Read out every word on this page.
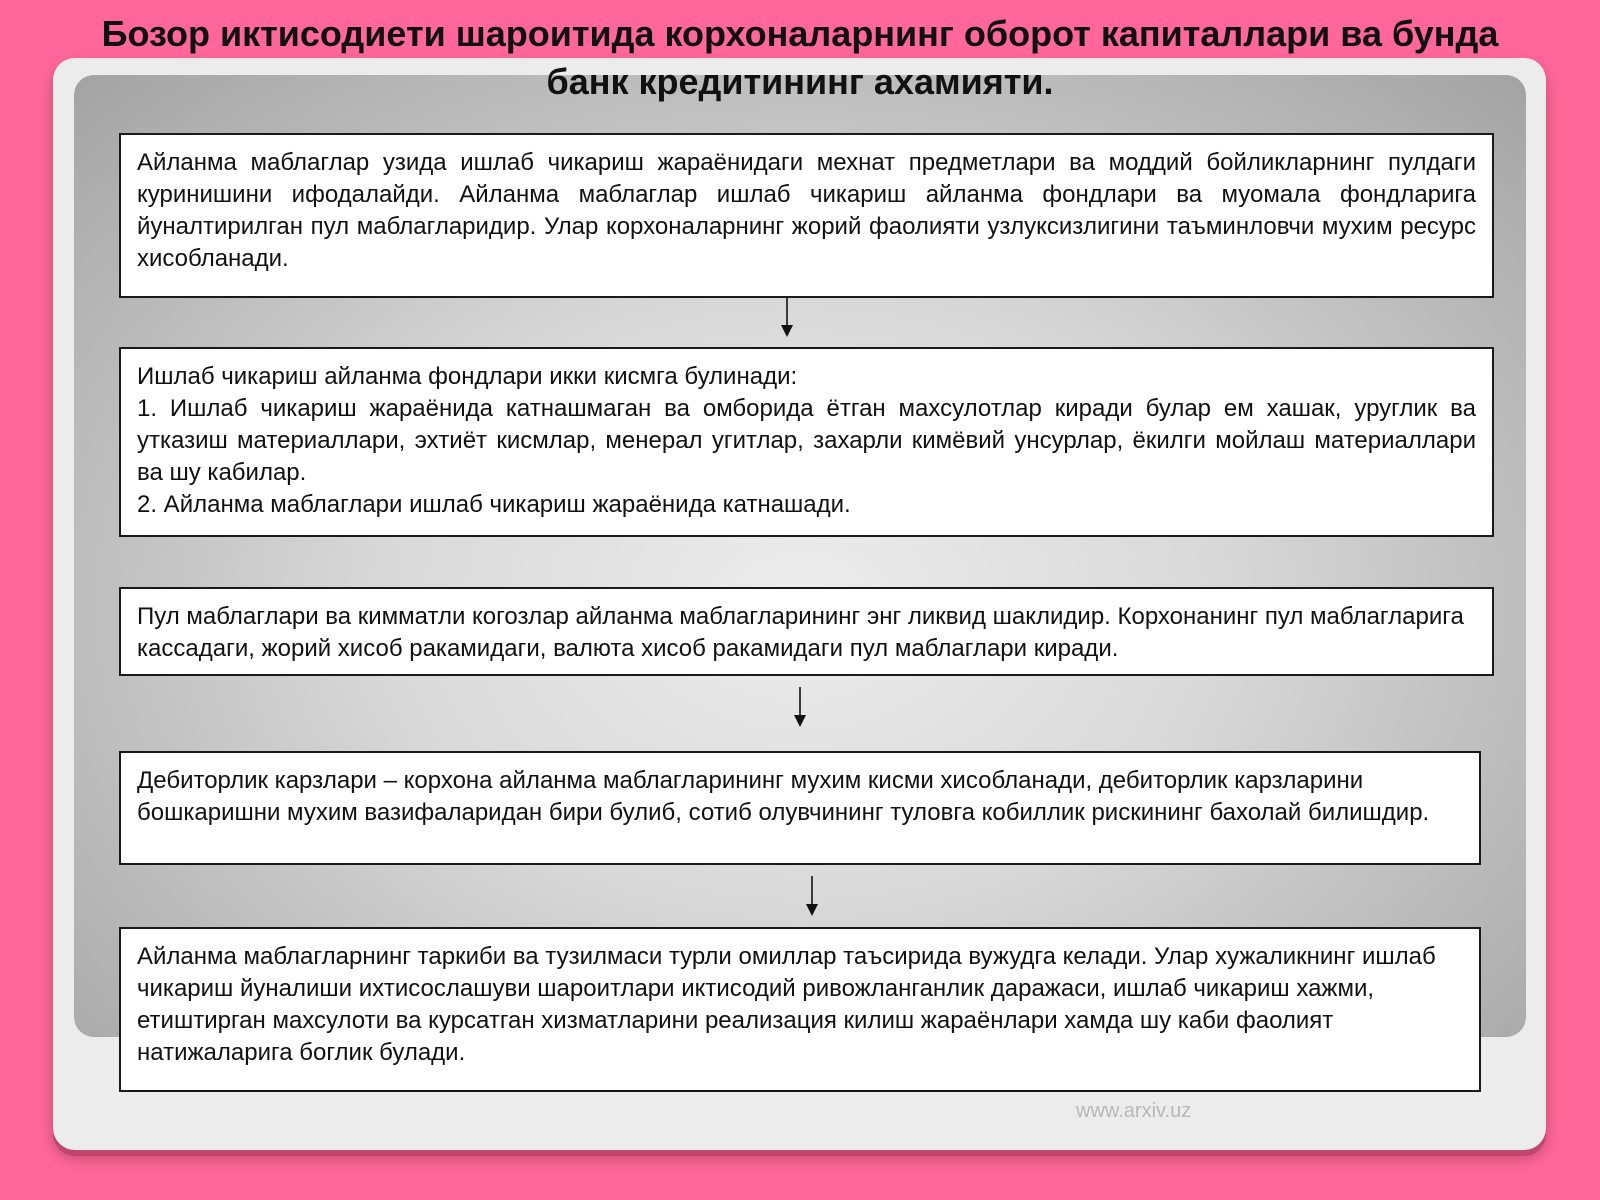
Бозор иктисодиети шароитида корхоналарнинг оборот капиталлари ва бунда банк кредитининг ахамияти.

Айланма маблаглар узида ишлаб чикариш жараёнидаги мехнат предметлари ва моддий бойликларнинг пулдаги куринишини ифодалайди. Айланма маблаглар ишлаб чикариш айланма фондлари ва муомала фондларига йуналтирилган пул маблагларидир. Улар корхоналарнинг жорий фаолияти узлуксизлигини таъминловчи мухим ресурс хисобланади.

Ишлаб чикариш айланма фондлари икки кисмга булинади:

1. Ишлаб чикариш жараёнида катнашмаган ва омборида ётган махсулотлар киради булар ем хашак, уруглик ва утказиш материаллари, эхтиёт кисмлар, менерал угитлар, захарли кимёвий унсурлар, ёкилги мойлаш материаллари ва шу кабилар.

2. Айланма маблаглари ишлаб чикариш жараёнида катнашади.

Пул маблаглари ва кимматли когозлар айланма маблагларининг энг ликвид шаклидир. Корхонанинг пул маблагларига кассадаги, жорий хисоб ракамидаги, валюта хисоб ракамидаги пул маблаглари киради.

Дебиторлик карзлари – корхона айланма маблагларининг мухим кисми хисобланади, дебиторлик карзларини бошкаришни мухим вазифаларидан бири булиб, сотиб олувчининг туловга кобиллик рискининг бахолай билишдир.

Айланма маблагларнинг таркиби ва тузилмаси турли омиллар таъсирида вужудга келади. Улар хужаликнинг ишлаб чикариш йуналиши ихтисослашуви шароитлари иктисодий ривожланганлик даражаси, ишлаб чикариш хажми, етиштирган махсулоти ва курсатган хизматларини реализация килиш жараёнлари хамда шу каби фаолият натижаларига боглик булади.

www.arxiv.uz
